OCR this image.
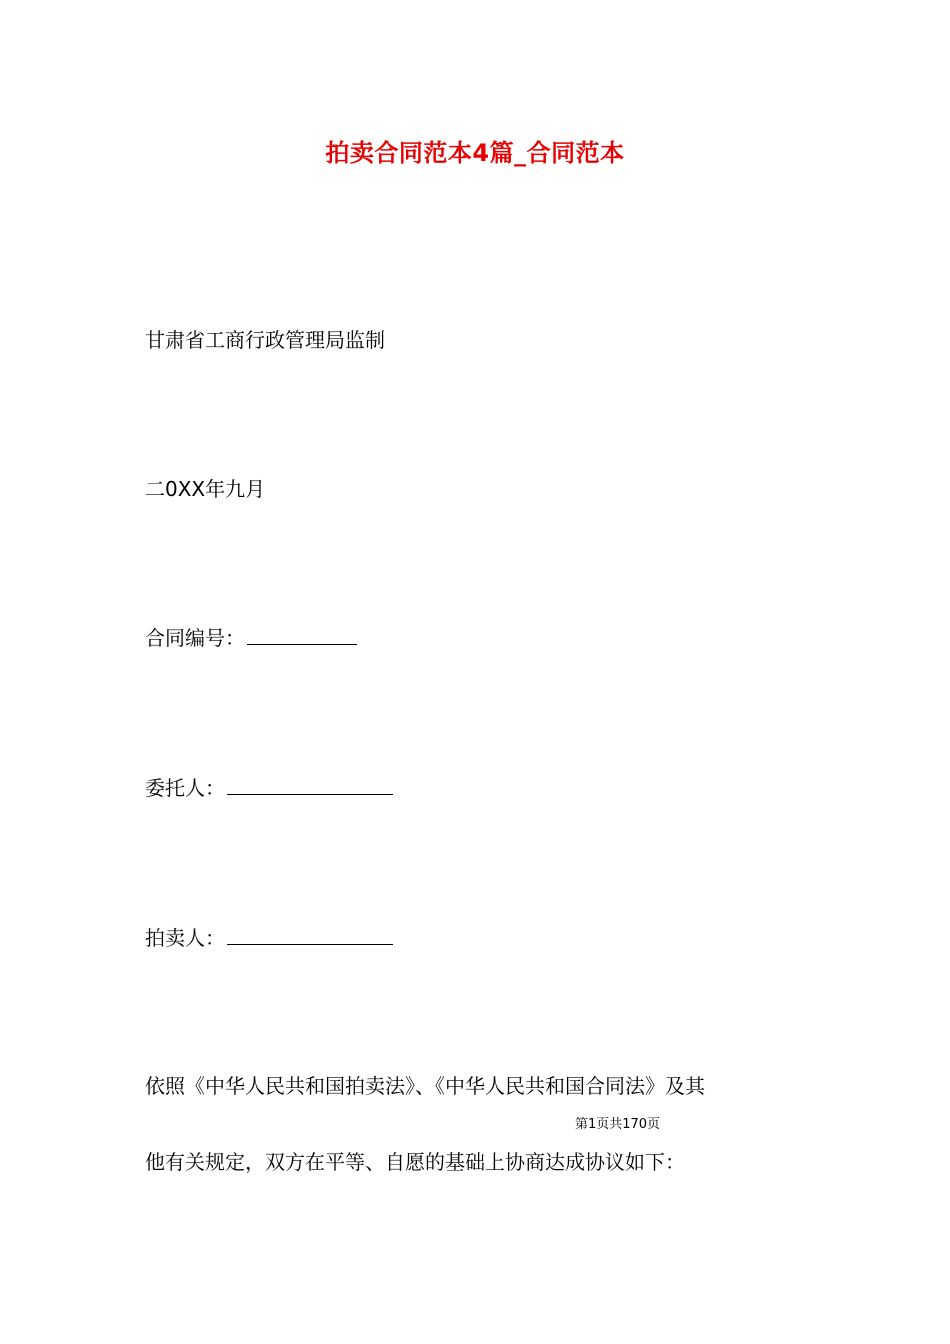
拍卖合同范本4篇_合同范本
甘肃省工商行政管理局监制
二0XX年九月
合同编号：
委托人：
拍卖人：
依照《中华人民共和国拍卖法》、《中华人民共和国合同法》及其
第1页共170页
他有关规定，双方在平等、自愿的基础上协商达成协议如下：
